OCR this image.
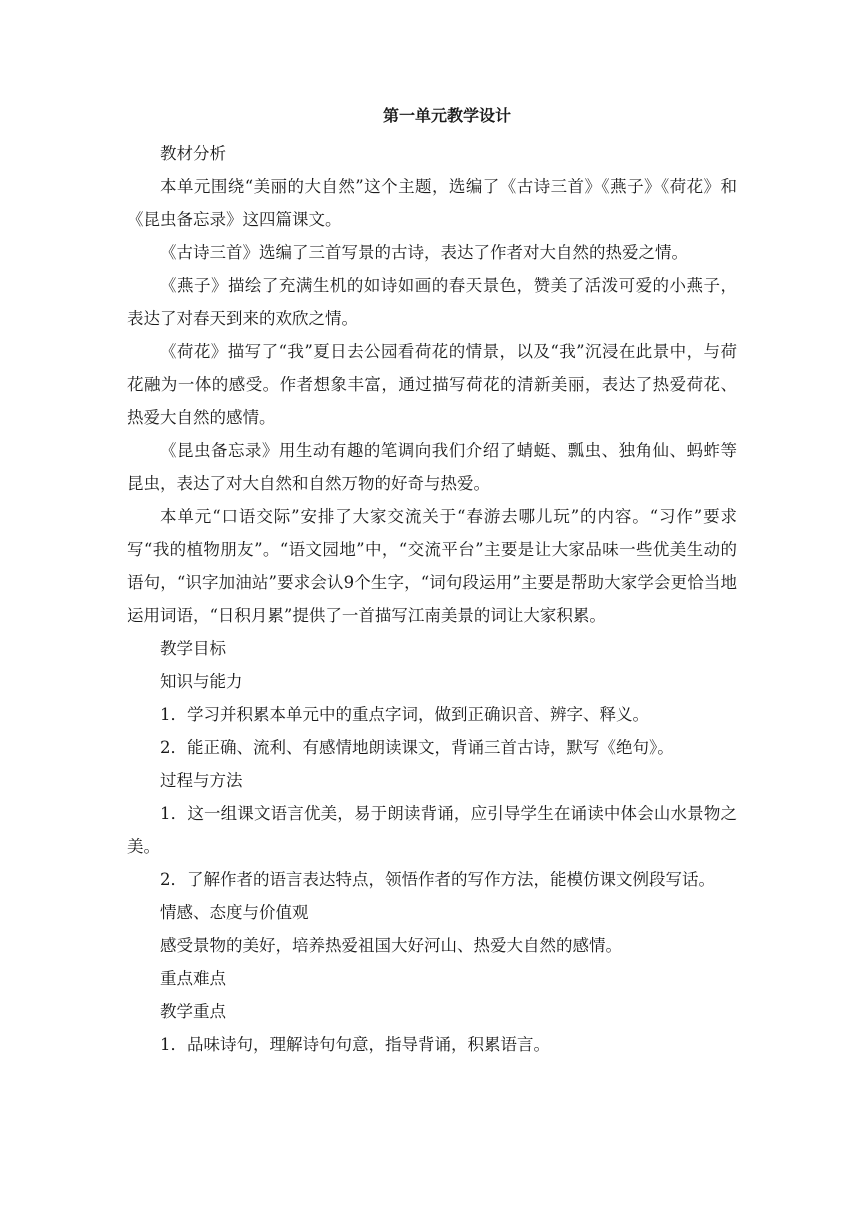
第一单元教学设计

教材分析

本单元围绕“美丽的大自然”这个主题，选编了《古诗三首》《燕子》《荷花》和《昆虫备忘录》这四篇课文。

《古诗三首》选编了三首写景的古诗，表达了作者对大自然的热爱之情。

《燕子》描绘了充满生机的如诗如画的春天景色，赞美了活泼可爱的小燕子，表达了对春天到来的欢欣之情。

《荷花》描写了“我”夏日去公园看荷花的情景，以及“我”沉浸在此景中，与荷花融为一体的感受。作者想象丰富，通过描写荷花的清新美丽，表达了热爱荷花、热爱大自然的感情。

《昆虫备忘录》用生动有趣的笔调向我们介绍了蜻蜓、瓢虫、独角仙、蚂蚱等昆虫，表达了对大自然和自然万物的好奇与热爱。

本单元“口语交际”安排了大家交流关于“春游去哪儿玩”的内容。“习作”要求写“我的植物朋友”。“语文园地”中，“交流平台”主要是让大家品味一些优美生动的语句，“识字加油站”要求会认9个生字，“词句段运用”主要是帮助大家学会更恰当地运用词语，“日积月累”提供了一首描写江南美景的词让大家积累。

教学目标

知识与能力

1．学习并积累本单元中的重点字词，做到正确识音、辨字、释义。

2．能正确、流利、有感情地朗读课文，背诵三首古诗，默写《绝句》。

过程与方法

1．这一组课文语言优美，易于朗读背诵，应引导学生在诵读中体会山水景物之美。

2．了解作者的语言表达特点，领悟作者的写作方法，能模仿课文例段写话。

情感、态度与价值观

感受景物的美好，培养热爱祖国大好河山、热爱大自然的感情。

重点难点

教学重点

1．品味诗句，理解诗句句意，指导背诵，积累语言。
